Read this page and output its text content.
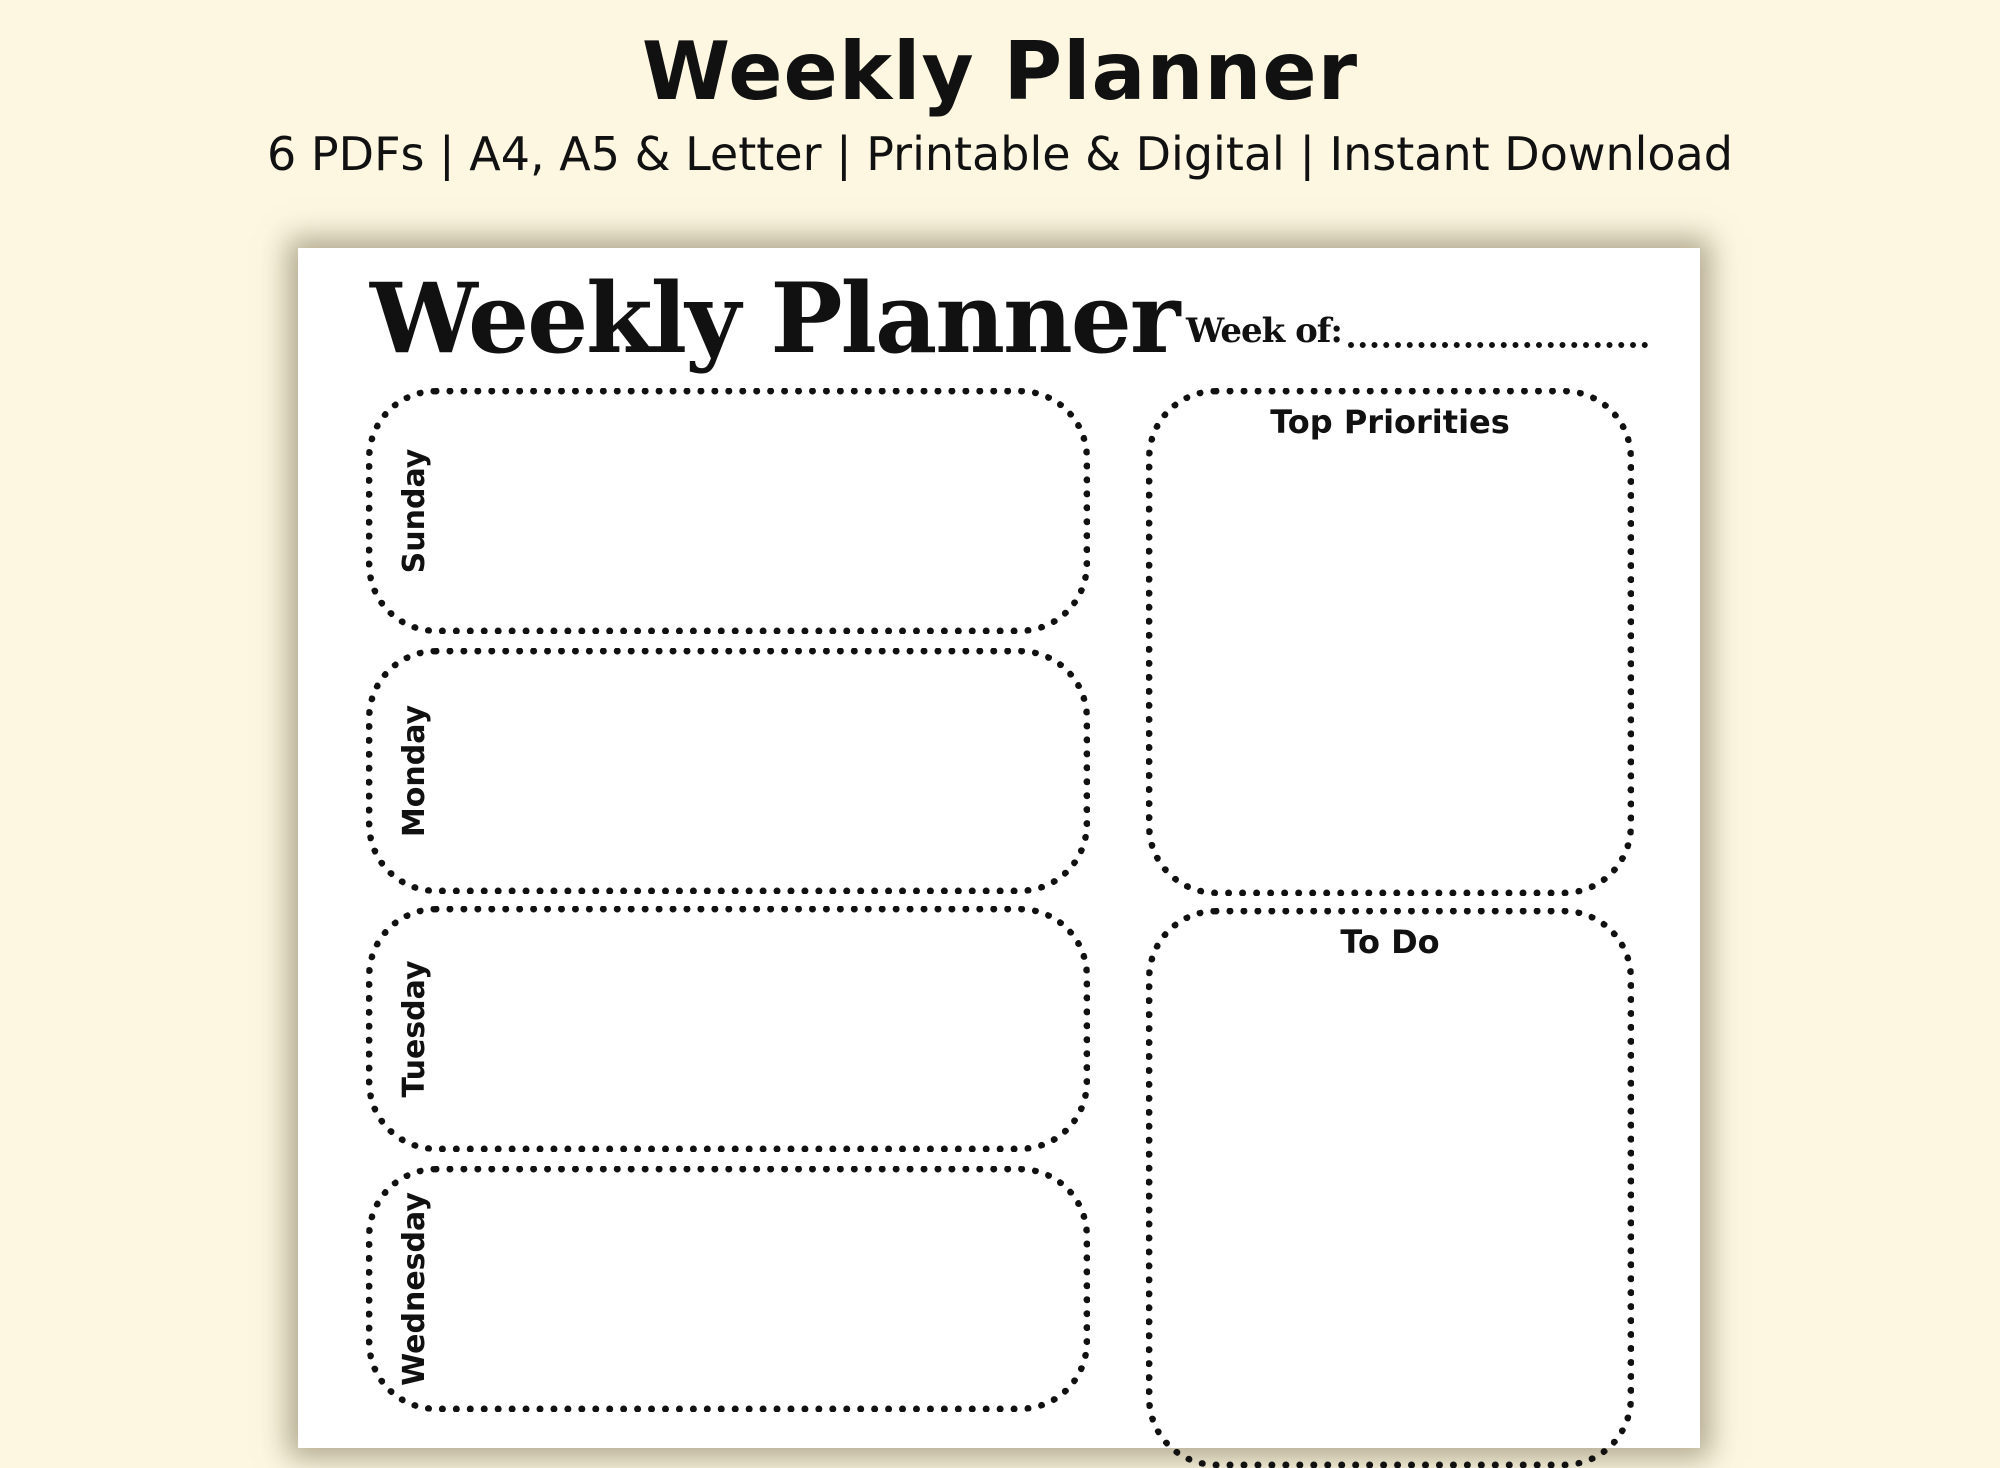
Weekly Planner
6 PDFs | A4, A5 & Letter | Printable & Digital | Instant Download
Weekly Planner Week of:
Sunday
Monday
Tuesday
Wednesday
Top Priorities
To Do
